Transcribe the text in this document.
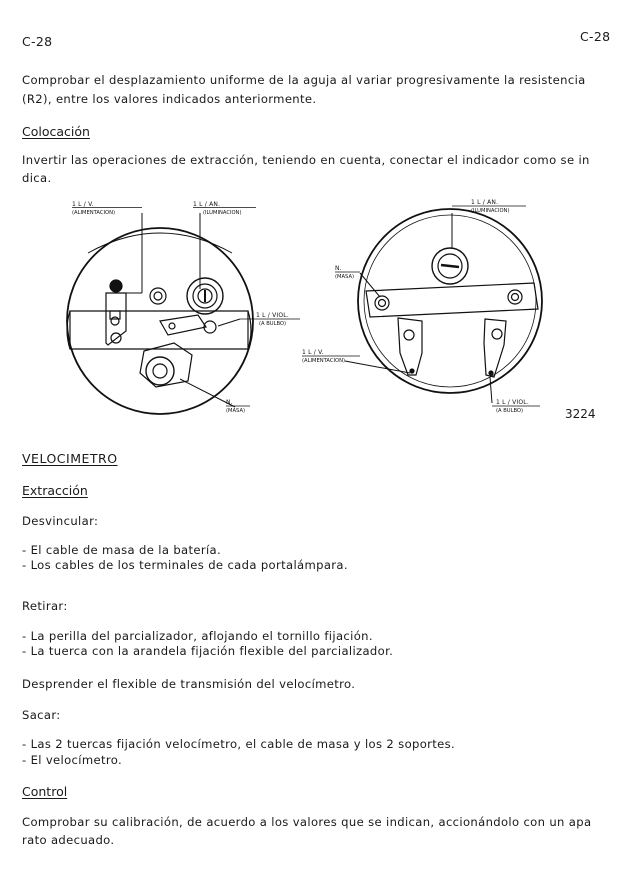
C-28	C-28
Comprobar el desplazamiento uniforme de la aguja al variar progresivamente la resistencia
(R2), entre los valores indicados anteriormente.
Colocación
Invertir las operaciones de extracción, teniendo en cuenta, conectar el indicador como se in
dica.
1 L / V.
(ALIMENTACION)
1 L / AN.
(ILUMINACION)
1 L / VIOL.
(A BULBO)
N.
(MASA)
1 L / AN.
(ILUMINACION)
N.
(MASA)
1 L / V.
(ALIMENTACION)
1 L / VIOL.
(A BULBO)	3224
VELOCIMETRO
Extracción
Desvincular:
- El cable de masa de la batería.
- Los cables de los terminales de cada portalámpara.
Retirar:
- La perilla del parcializador, aflojando el tornillo fijación.
- La tuerca con la arandela fijación flexible del parcializador.
Desprender el flexible de transmisión del velocímetro.
Sacar:
- Las 2 tuercas fijación velocímetro, el cable de masa y los 2 soportes.
- El velocímetro.
Control
Comprobar su calibración, de acuerdo a los valores que se indican, accionándolo con un apa
rato adecuado.
